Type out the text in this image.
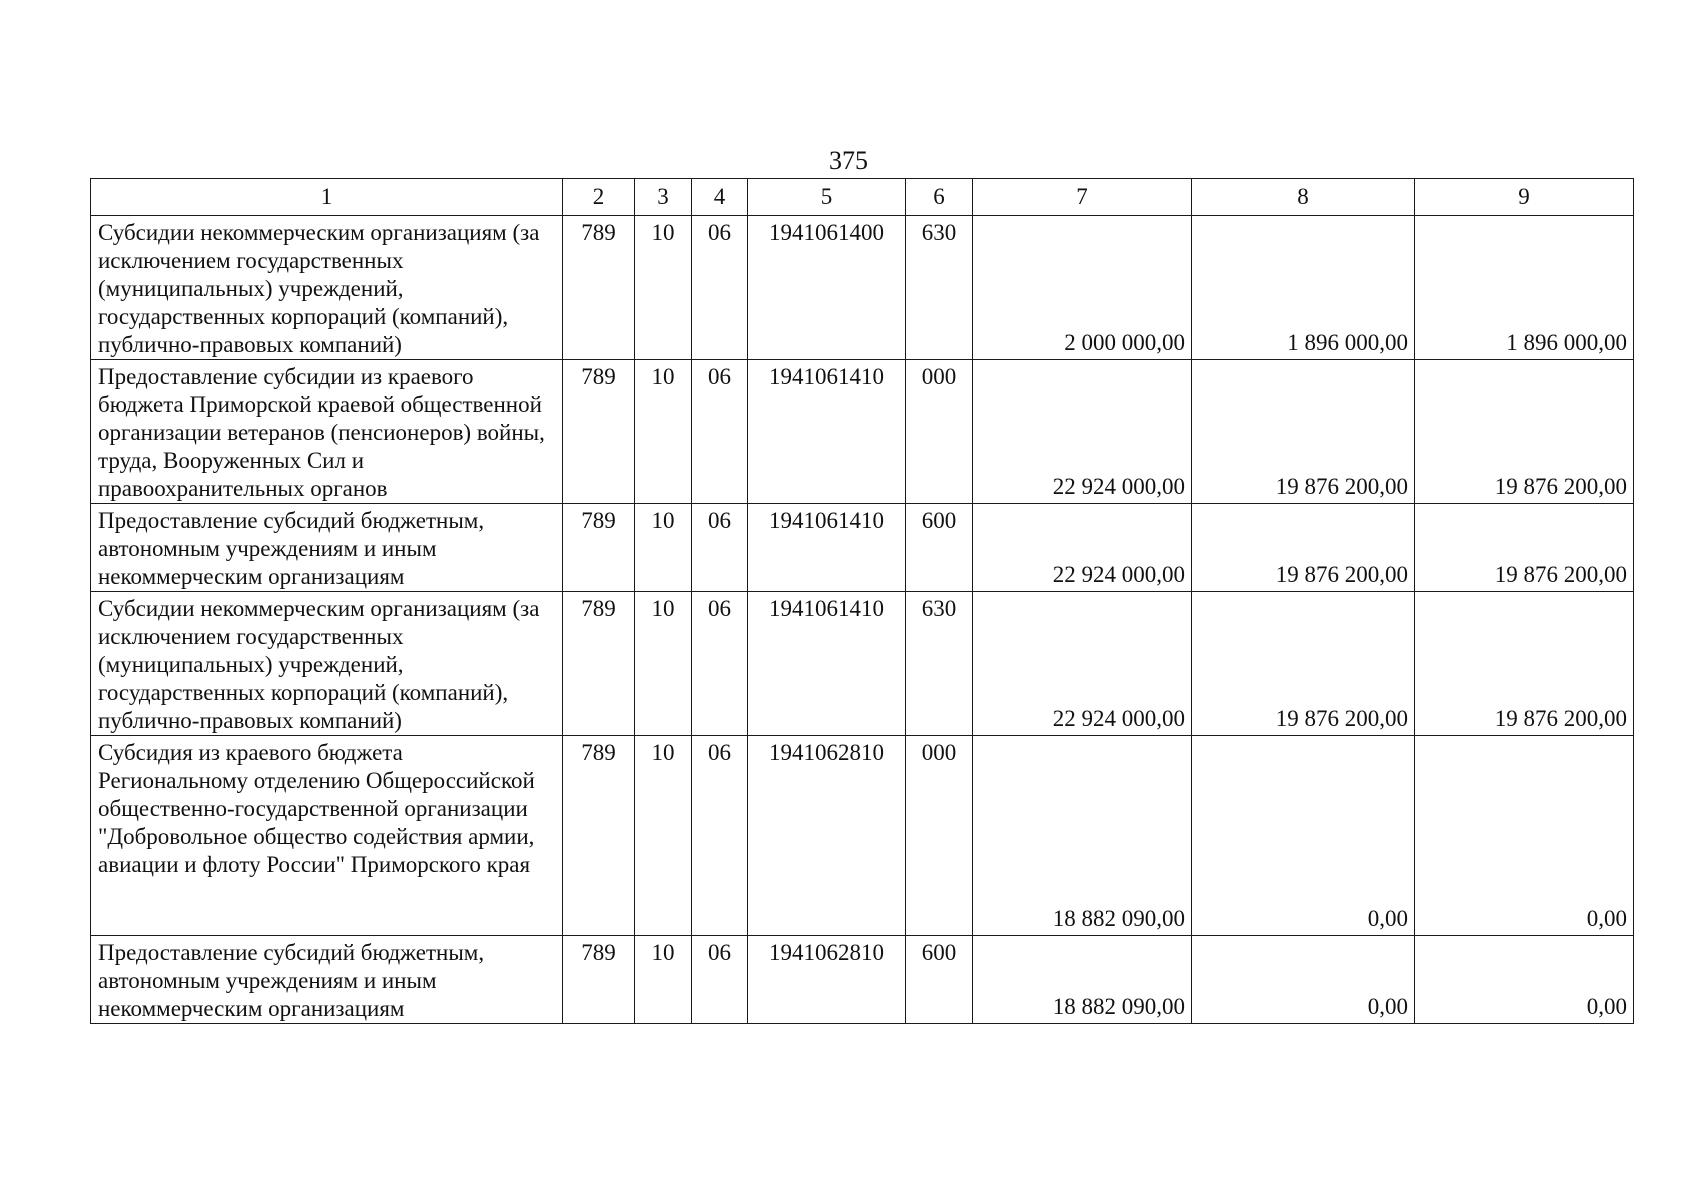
375
1	2	3	4	5	6	7	8	9
Субсидии некоммерческим организациям (за исключением государственных (муниципальных) учреждений, государственных корпораций (компаний), публично-правовых компаний)	789	10	06	1941061400	630	2 000 000,00	1 896 000,00	1 896 000,00
Предоставление субсидии из краевого бюджета Приморской краевой общественной организации ветеранов (пенсионеров) войны, труда, Вооруженных Сил и правоохранительных органов	789	10	06	1941061410	000	22 924 000,00	19 876 200,00	19 876 200,00
Предоставление субсидий бюджетным, автономным учреждениям и иным некоммерческим организациям	789	10	06	1941061410	600	22 924 000,00	19 876 200,00	19 876 200,00
Субсидии некоммерческим организациям (за исключением государственных (муниципальных) учреждений, государственных корпораций (компаний), публично-правовых компаний)	789	10	06	1941061410	630	22 924 000,00	19 876 200,00	19 876 200,00
Субсидия из краевого бюджета Региональному отделению Общероссийской общественно-государственной организации "Добровольное общество содействия армии, авиации и флоту России" Приморского края	789	10	06	1941062810	000	18 882 090,00	0,00	0,00
Предоставление субсидий бюджетным, автономным учреждениям и иным некоммерческим организациям	789	10	06	1941062810	600	18 882 090,00	0,00	0,00
